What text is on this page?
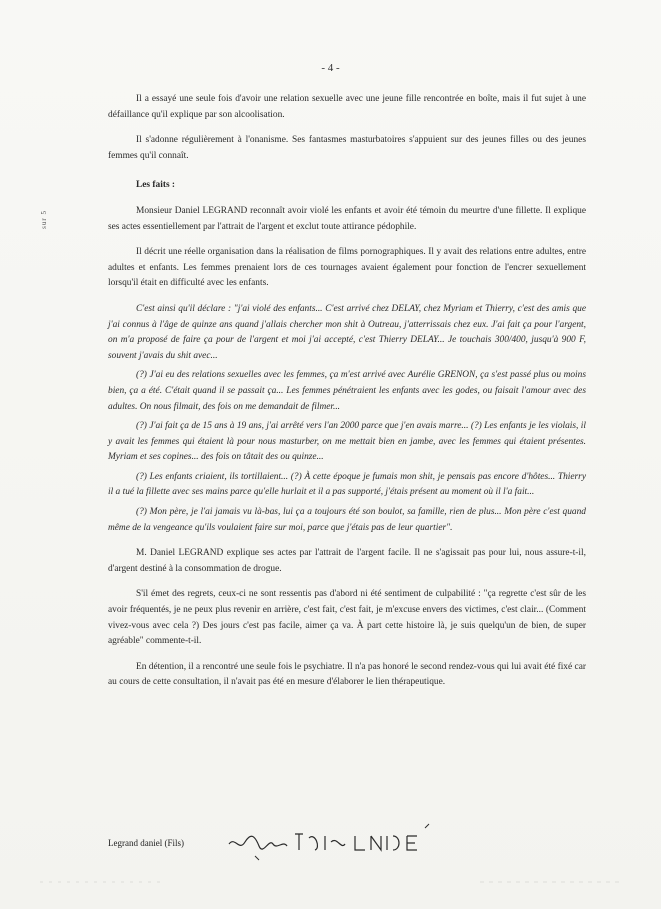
- 4 -
sur 5

Il a essayé une seule fois d'avoir une relation sexuelle avec une jeune fille rencontrée en boîte, mais il fut sujet à une défaillance qu'il explique par son alcoolisation.

Il s'adonne régulièrement à l'onanisme. Ses fantasmes masturbatoires s'appuient sur des jeunes filles ou des jeunes femmes qu'il connaît.

Les faits :

Monsieur Daniel LEGRAND reconnaît avoir violé les enfants et avoir été témoin du meurtre d'une fillette. Il explique ses actes essentiellement par l'attrait de l'argent et exclut toute attirance pédophile.

Il décrit une réelle organisation dans la réalisation de films pornographiques. Il y avait des relations entre adultes, entre adultes et enfants. Les femmes prenaient lors de ces tournages avaient également pour fonction de l'encrer sexuellement lorsqu'il était en difficulté avec les enfants.

C'est ainsi qu'il déclare : "j'ai violé des enfants... C'est arrivé chez DELAY, chez Myriam et Thierry, c'est des amis que j'ai connus à l'âge de quinze ans quand j'allais chercher mon shit à Outreau, j'atterrissais chez eux. J'ai fait ça pour l'argent, on m'a proposé de faire ça pour de l'argent et moi j'ai accepté, c'est Thierry DELAY... Je touchais 300/400, jusqu'à 900 F, souvent j'avais du shit avec...

(?) J'ai eu des relations sexuelles avec les femmes, ça m'est arrivé avec Aurélie GRENON, ça s'est passé plus ou moins bien, ça a été. C'était quand il se passait ça... Les femmes pénétraient les enfants avec les godes, ou faisait l'amour avec des adultes. On nous filmait, des fois on me demandait de filmer...

(?) J'ai fait ça de 15 ans à 19 ans, j'ai arrêté vers l'an 2000 parce que j'en avais marre... (?) Les enfants je les violais, il y avait les femmes qui étaient là pour nous masturber, on me mettait bien en jambe, avec les femmes qui étaient présentes. Myriam et ses copines... des fois on tâtait des ou quinze...

(?) Les enfants criaient, ils tortillaient... (?) À cette époque je fumais mon shit, je pensais pas encore d'hôtes... Thierry il a tué la fillette avec ses mains parce qu'elle hurlait et il a pas supporté, j'étais présent au moment où il l'a fait...

(?) Mon père, je l'ai jamais vu là-bas, lui ça a toujours été son boulot, sa famille, rien de plus... Mon père c'est quand même de la vengeance qu'ils voulaient faire sur moi, parce que j'étais pas de leur quartier".

M. Daniel LEGRAND explique ses actes par l'attrait de l'argent facile. Il ne s'agissait pas pour lui, nous assure-t-il, d'argent destiné à la consommation de drogue.

S'il émet des regrets, ceux-ci ne sont ressentis pas d'abord ni été sentiment de culpabilité : "ça regrette c'est sûr de les avoir fréquentés, je ne peux plus revenir en arrière, c'est fait, c'est fait, je m'excuse envers des victimes, c'est clair... (Comment vivez-vous avec cela ?) Des jours c'est pas facile, aimer ça va. À part cette histoire là, je suis quelqu'un de bien, de super agréable" commente-t-il.

En détention, il a rencontré une seule fois le psychiatre. Il n'a pas honoré le second rendez-vous qui lui avait été fixé car au cours de cette consultation, il n'avait pas été en mesure d'élaborer le lien thérapeutique.

Legrand daniel (Fils)
